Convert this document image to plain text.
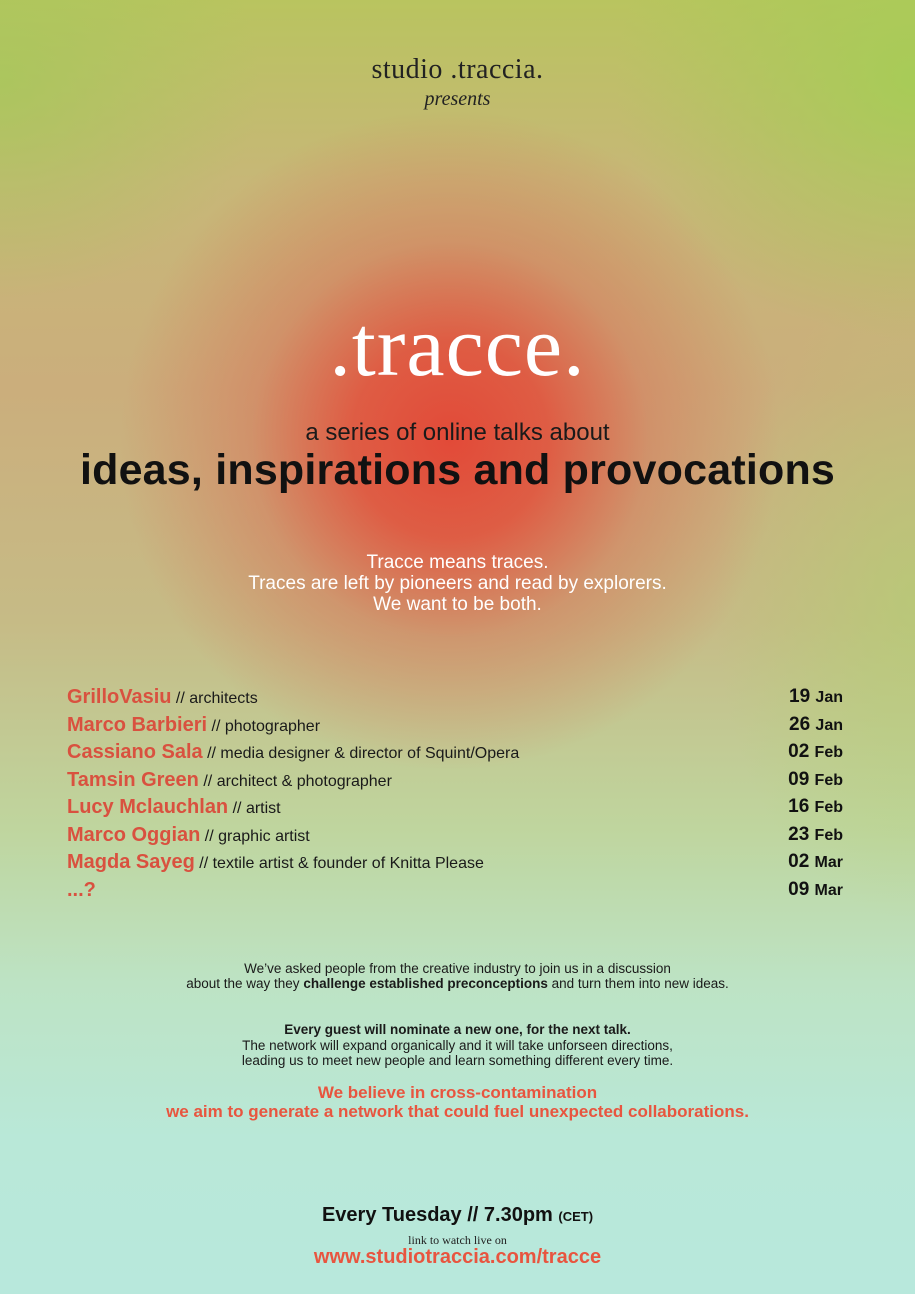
studio .traccia.
presents
.tracce.
a series of online talks about
ideas, inspirations and provocations
Tracce means traces.
Traces are left by pioneers and read by explorers.
We want to be both.
GrilloVasiu // architects	19 Jan
Marco Barbieri // photographer	26 Jan
Cassiano Sala // media designer & director of Squint/Opera	02 Feb
Tamsin Green // architect & photographer	09 Feb
Lucy Mclauchlan // artist	16 Feb
Marco Oggian // graphic artist	23 Feb
Magda Sayeg // textile artist & founder of Knitta Please	02 Mar
...?	09 Mar
We’ve asked people from the creative industry to join us in a discussion
about the way they challenge established preconceptions and turn them into new ideas.
Every guest will nominate a new one, for the next talk.
The network will expand organically and it will take unforseen directions,
leading us to meet new people and learn something different every time.
We believe in cross-contamination
we aim to generate a network that could fuel unexpected collaborations.
Every Tuesday // 7.30pm (CET)
link to watch live on
www.studiotraccia.com/tracce
